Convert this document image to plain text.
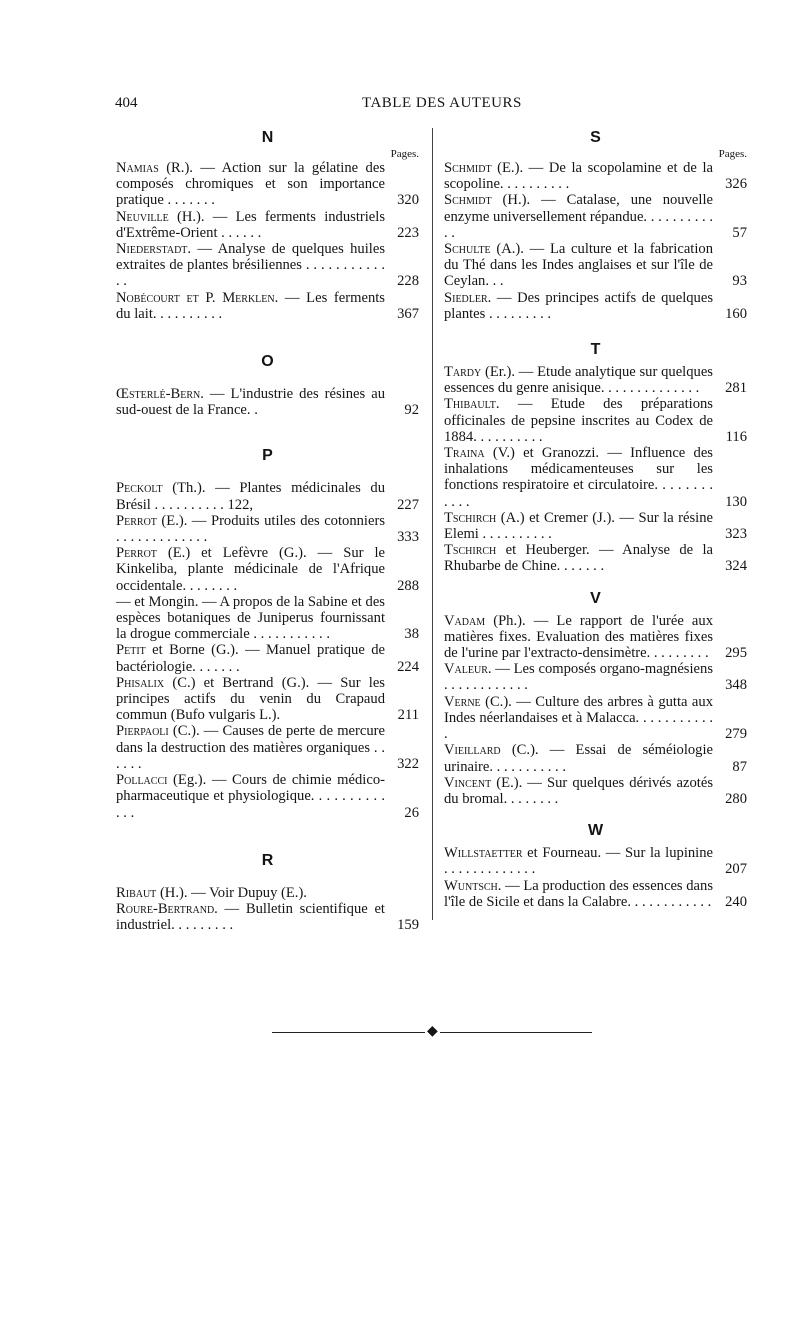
404	TABLE DES AUTEURS
N
Pages.
Namias (R.). — Action sur la gélatine des composés chromiques et son importance pratique . . . . . . .	320
Neuville (H.). — Les ferments industriels d'Extrême-Orient . . . . . .	223
Niederstadt. — Analyse de quelques huiles extraites de plantes brésiliennes . . . . . . . . . . . . .	228
Nobécourt et P. Merklen. — Les ferments du lait. . . . . . . . . .	367
O
Œsterlé-Bern. — L'industrie des résines au sud-ouest de la France. .	92
P
Peckolt (Th.). — Plantes médicinales du Brésil . . . . . . . . . . 122,	227
Perrot (E.). — Produits utiles des cotonniers . . . . . . . . . . . . .	333
Perrot (E.) et Lefèvre (G.). — Sur le Kinkeliba, plante médicinale de l'Afrique occidentale. . . . . . . .	288
— et Mongin. — A propos de la Sabine et des espèces botaniques de Juniperus fournissant la drogue commerciale . . . . . . . . . . .	38
Petit et Borne (G.). — Manuel pratique de bactériologie. . . . . . .	224
Phisalix (C.) et Bertrand (G.). — Sur les principes actifs du venin du Crapaud commun (Bufo vulgaris L.).	211
Pierpaoli (C.). — Causes de perte de mercure dans la destruction des matières organiques . . . . . .	322
Pollacci (Eg.). — Cours de chimie médico-pharmaceutique et physiologique. . . . . . . . . . . . .	26
R
Ribaut (H.). — Voir Dupuy (E.).
Roure-Bertrand. — Bulletin scientifique et industriel. . . . . . . . .	159
S
Pages.
Schmidt (E.). — De la scopolamine et de la scopoline. . . . . . . . . .	326
Schmidt (H.). — Catalase, une nouvelle enzyme universellement répandue. . . . . . . . . . . .	57
Schulte (A.). — La culture et la fabrication du Thé dans les Indes anglaises et sur l'île de Ceylan. . .	93
Siedler. — Des principes actifs de quelques plantes . . . . . . . . .	160
T
Tardy (Er.). — Etude analytique sur quelques essences du genre anisique. . . . . . . . . . . . . . 281
Thibault. — Etude des préparations officinales de pepsine inscrites au Codex de 1884. . . . . . . . . .	116
Traina (V.) et Granozzi. — Influence des inhalations médicamenteuses sur les fonctions respiratoire et circulatoire. . . . . . . . . . . .	130
Tschirch (A.) et Cremer (J.). — Sur la résine Elemi . . . . . . . . . .	323
Tschirch et Heuberger. — Analyse de la Rhubarbe de Chine. . . . . . .	324
V
Vadam (Ph.). — Le rapport de l'urée aux matières fixes. Evaluation des matières fixes de l'urine par l'extracto-densimètre. . . . . . . . . 295
Valeur. — Les composés organo-magnésiens . . . . . . . . . . . .	348
Verne (C.). — Culture des arbres à gutta aux Indes néerlandaises et à Malacca. . . . . . . . . . . .	279
Vieillard (C.). — Essai de séméiologie urinaire. . . . . . . . . . .	87
Vincent (E.). — Sur quelques dérivés azotés du bromal. . . . . . . .	280
W
Willstaetter et Fourneau. — Sur la lupinine . . . . . . . . . . . . .	207
Wuntsch. — La production des essences dans l'île de Sicile et dans la Calabre. . . . . . . . . . . . 240
◆
